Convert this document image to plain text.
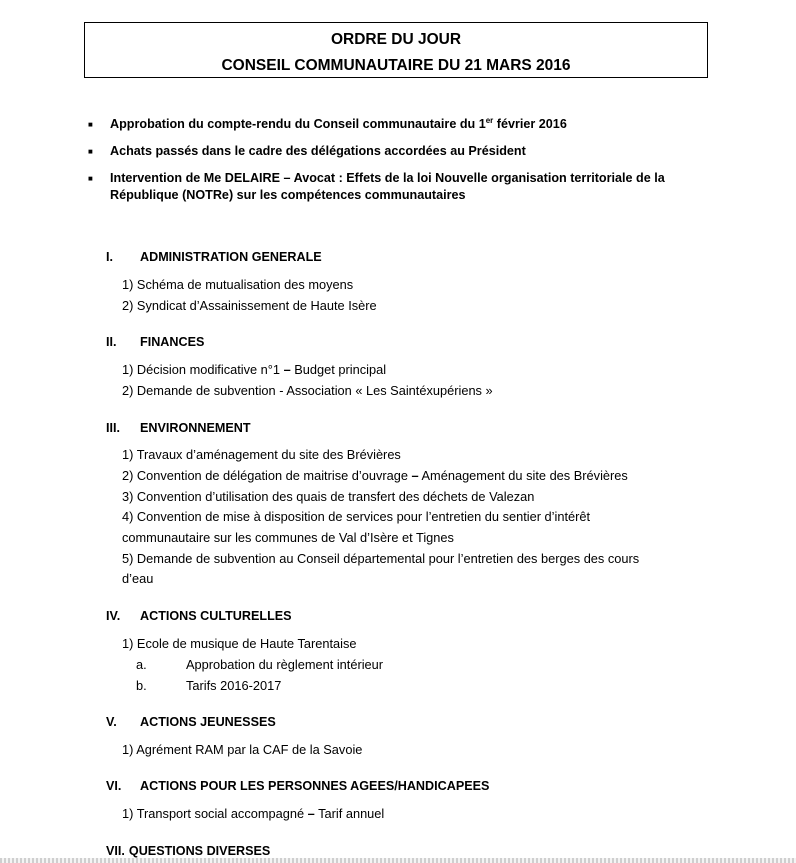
ORDRE DU JOUR
CONSEIL COMMUNAUTAIRE DU 21 MARS 2016
■	Approbation du compte-rendu du Conseil communautaire du 1er février 2016
■	Achats passés dans le cadre des délégations accordées au Président
■	Intervention de Me DELAIRE – Avocat : Effets de la loi Nouvelle organisation territoriale de la République (NOTRe) sur les compétences communautaires
I.	ADMINISTRATION GENERALE
1) Schéma de mutualisation des moyens
2) Syndicat d’Assainissement de Haute Isère
II.	FINANCES
1) Décision modificative n°1 – Budget principal
2) Demande de subvention - Association « Les Saintéxupériens »
III.	ENVIRONNEMENT
1) Travaux d’aménagement du site des Brévières
2) Convention de délégation de maitrise d’ouvrage – Aménagement du site des Brévières
3) Convention d’utilisation des quais de transfert des déchets de Valezan
4) Convention de mise à disposition de services pour l’entretien du sentier d’intérêt
communautaire sur les communes de Val d’Isère et Tignes
5) Demande de subvention au Conseil départemental pour l’entretien des berges des cours
d’eau
IV.	ACTIONS CULTURELLES
1) Ecole de musique de Haute Tarentaise
a.	Approbation du règlement intérieur
b.	Tarifs 2016-2017
V.	ACTIONS JEUNESSES
1) Agrément RAM par la CAF de la Savoie
VI.	ACTIONS POUR LES PERSONNES AGEES/HANDICAPEES
1) Transport social accompagné – Tarif annuel
VII. QUESTIONS DIVERSES
